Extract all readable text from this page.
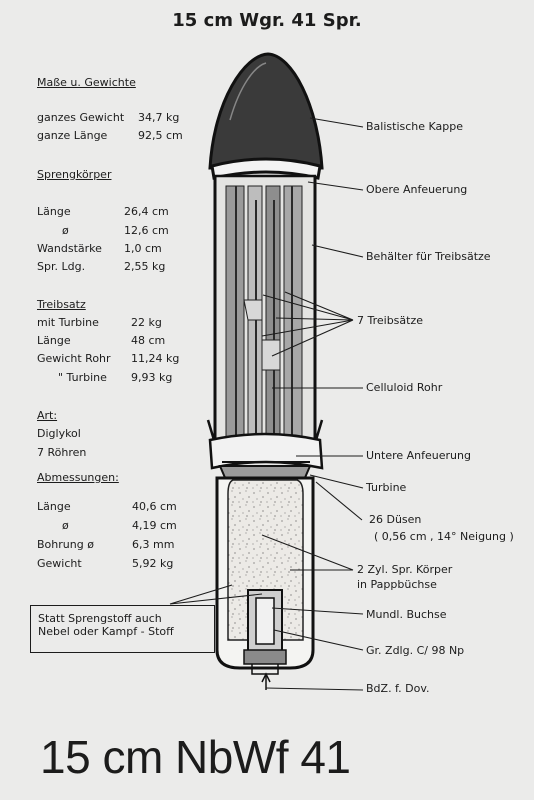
15 cm Wgr. 41 Spr.
Maße u. Gewichte
ganzes Gewicht 34,7 kg
ganze Länge	92,5 cm
Sprengkörper
Länge	26,4 cm
ø	12,6 cm
Wandstärke 1,0 cm
Spr. Ldg.	2,55 kg
Treibsatz
mit Turbine	22 kg
Länge	48 cm
Gewicht Rohr 11,24 kg
" Turbine 9,93 kg
Art:
Diglykol
7 Röhren
Abmessungen:
Länge	40,6 cm
ø	4,19 cm
Bohrung ø	6,3 mm
Gewicht	5,92 kg
Statt Sprengstoff auch
Nebel oder Kampf - Stoff
Balistische Kappe
Obere Anfeuerung
Behälter für Treibsätze
7 Treibsätze
Celluloid Rohr
Untere Anfeuerung
Turbine
26 Düsen
( 0,56 cm , 14° Neigung )
2 Zyl. Spr. Körper
in Pappbüchse
Mundl. Buchse
Gr. Zdlg. C/ 98 Np
BdZ. f. Dov.
15 cm NbWf 41
